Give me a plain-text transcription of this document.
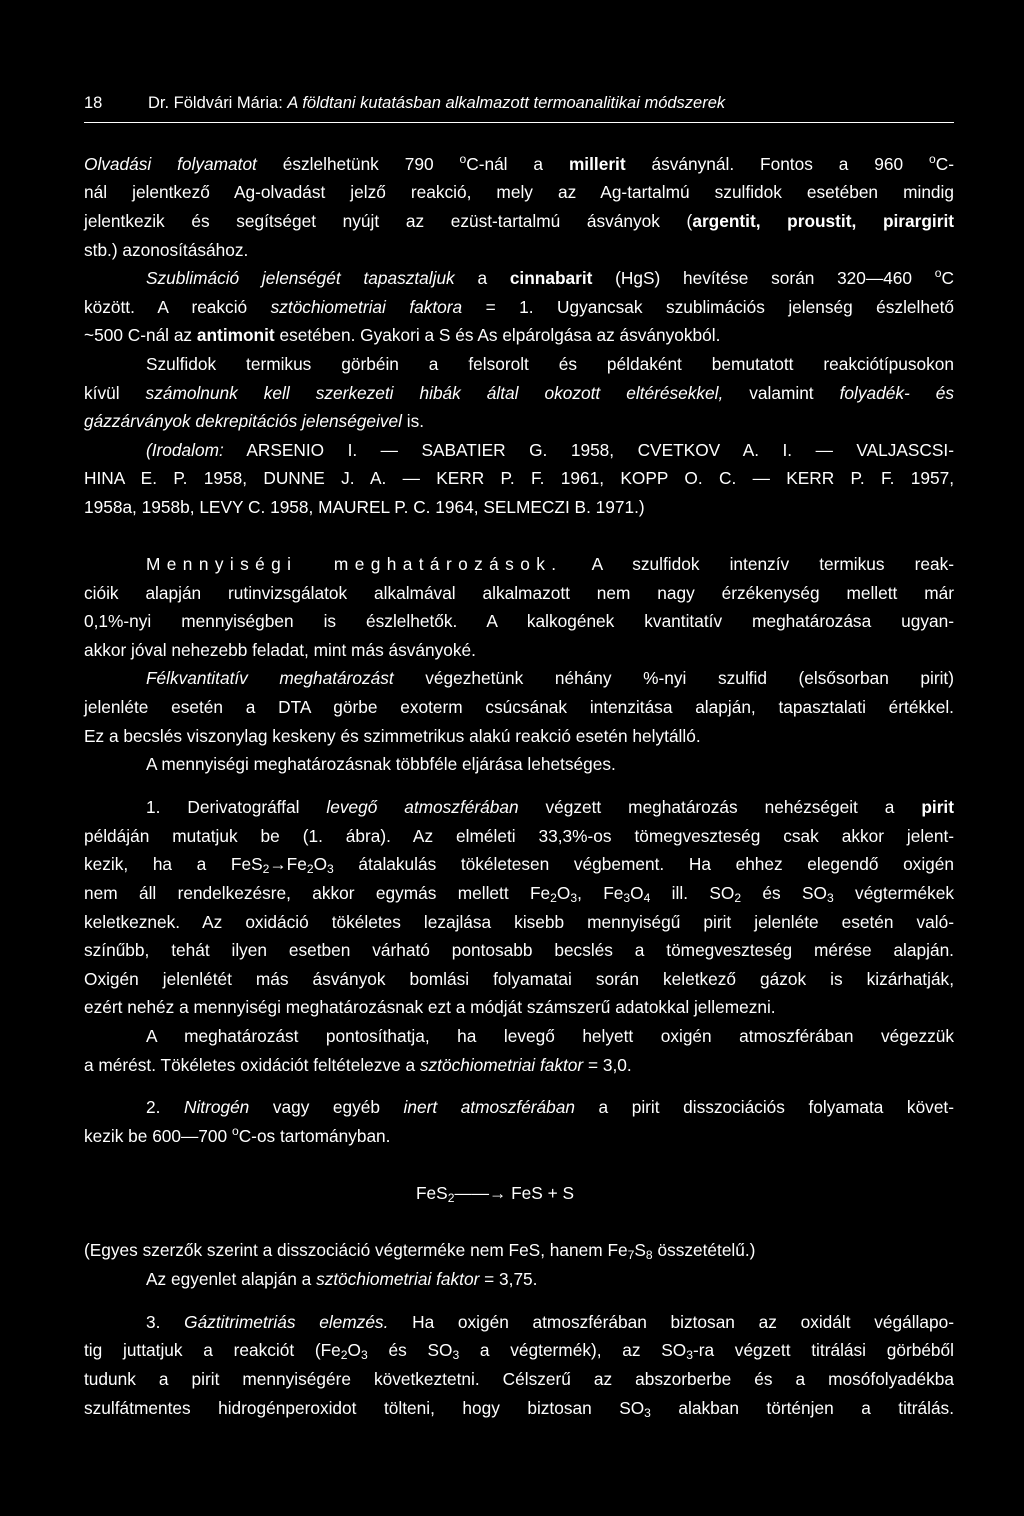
18	Dr. Földvári Mária: A földtani kutatásban alkalmazott termoanalitikai módszerek
Olvadási folyamatot észlelhetünk 790 $^o$C-nál a millerit ásványnál. Fontos a 960 $^o$C-
nál jelentkező Ag-olvadást jelző reakció, mely az Ag-tartalmú szulfidok esetében mindig
jelentkezik és segítséget nyújt az ezüst-tartalmú ásványok (argentit, proustit, pirargirit
stb.) azonosításához.
Szublimáció jelenségét tapasztaljuk a cinnabarit (HgS) hevítése során 320—460 $^o$C
között. A reakció sztöchiometriai faktora = 1. Ugyancsak szublimációs jelenség észlelhető
~500 C-nál az antimonit esetében. Gyakori a S és As elpárolgása az ásványokból.
Szulfidok termikus görbéin a felsorolt és példaként bemutatott reakciótípusokon
kívül számolnunk kell szerkezeti hibák által okozott eltérésekkel, valamint folyadék- és
gázzárványok dekrepitációs jelenségeivel is.
(Irodalom: ARSENIO I. — SABATIER G. 1958, CVETKOV A. I. — VALJASCSI-
HINA E. P. 1958, DUNNE J. A. — KERR P. F. 1961, KOPP O. C. — KERR P. F. 1957,
1958a, 1958b, LEVY C. 1958, MAUREL P. C. 1964, SELMECZI B. 1971.)
Mennyiségi meghatározások. A szulfidok intenzív termikus reak-
cióik alapján rutinvizsgálatok alkalmával alkalmazott nem nagy érzékenység mellett már
0,1%-nyi mennyiségben is észlelhetők. A kalkogének kvantitatív meghatározása ugyan-
akkor jóval nehezebb feladat, mint más ásványoké.
Félkvantitatív meghatározást végezhetünk néhány %-nyi szulfid (elsősorban pirit)
jelenléte esetén a DTA görbe exoterm csúcsának intenzitása alapján, tapasztalati értékkel.
Ez a becslés viszonylag keskeny és szimmetrikus alakú reakció esetén helytálló.
A mennyiségi meghatározásnak többféle eljárása lehetséges.
1. Derivatográffal levegő atmoszférában végzett meghatározás nehézségeit a pirit
példáján mutatjuk be (1. ábra). Az elméleti 33,3%-os tömegveszteség csak akkor jelent-
kezik, ha a $FeS_2\to Fe_2O_3$ átalakulás tökéletesen végbement. Ha ehhez elegendő oxigén
nem áll rendelkezésre, akkor egymás mellett $Fe_2O_3$, $Fe_3O_4$ ill. $SO_2$ és $SO_3$ végtermékek
keletkeznek. Az oxidáció tökéletes lezajlása kisebb mennyiségű pirit jelenléte esetén való-
színűbb, tehát ilyen esetben várható pontosabb becslés a tömegveszteség mérése alapján.
Oxigén jelenlétét más ásványok bomlási folyamatai során keletkező gázok is kizárhatják,
ezért nehéz a mennyiségi meghatározásnak ezt a módját számszerű adatokkal jellemezni.
A meghatározást pontosíthatja, ha levegő helyett oxigén atmoszférában végezzük
a mérést. Tökéletes oxidációt feltételezve a sztöchiometriai faktor = 3,0.
2. Nitrogén vagy egyéb inert atmoszférában a pirit disszociációs folyamata követ-
kezik be 600—700 $^o$C-os tartományban.
FeS$_2$——→ FeS + S
(Egyes szerzők szerint a disszociáció végterméke nem FeS, hanem $Fe_7S_8$ összetételű.)
Az egyenlet alapján a sztöchiometriai faktor = 3,75.
3. Gáztitrimetriás elemzés. Ha oxigén atmoszférában biztosan az oxidált végállapo-
tig juttatjuk a reakciót ($Fe_2O_3$ és $SO_3$ a végtermék), az $SO_3-ra$ végzett titrálási görbéből
tudunk a pirit mennyiségére következtetni. Célszerű az abszorberbe és a mosófolyadékba
szulfátmentes hidrogénperoxidot tölteni, hogy biztosan $SO_3$ alakban történjen a titrálás.
